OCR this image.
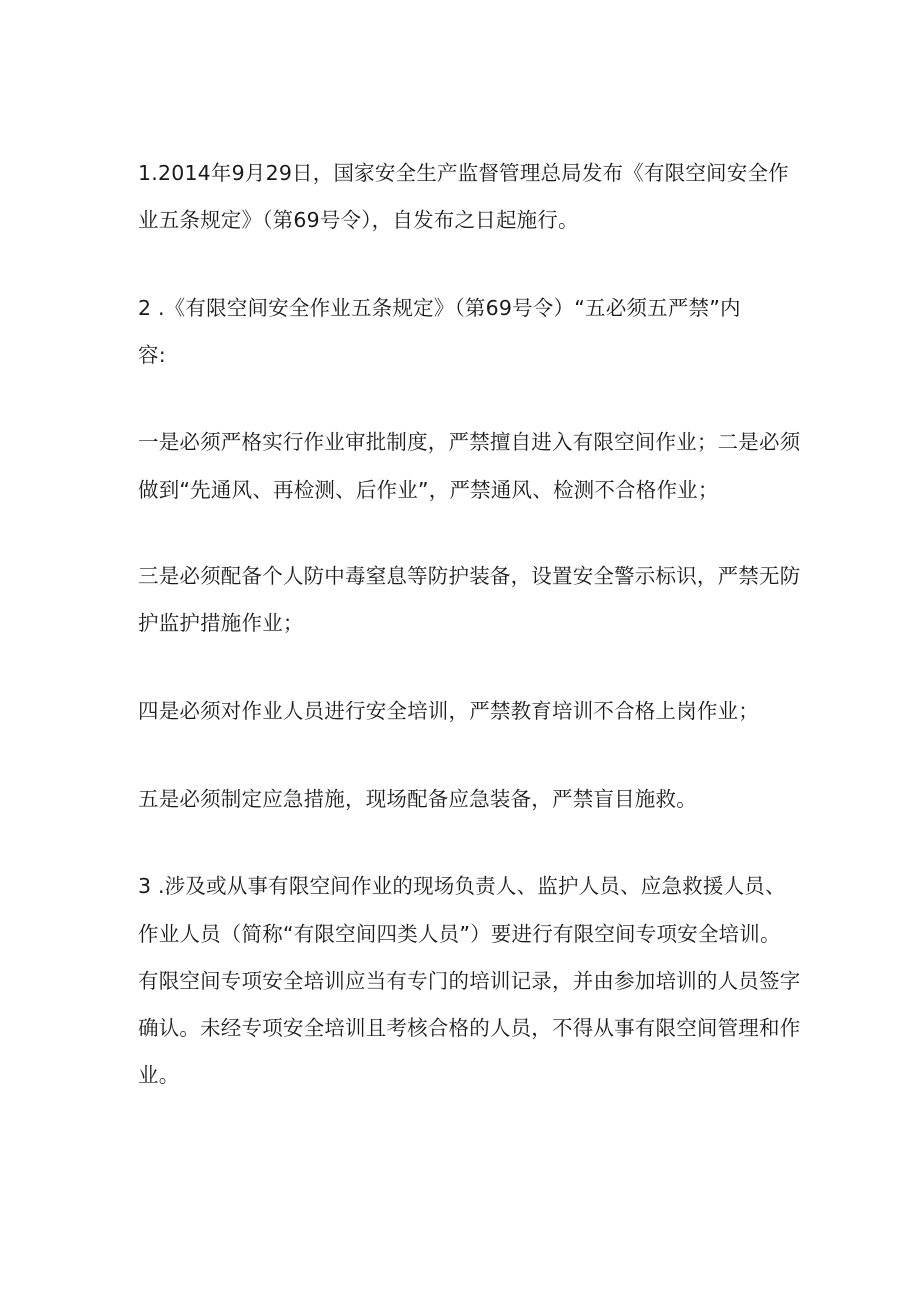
1.2014年9月29日，国家安全生产监督管理总局发布《有限空间安全作
业五条规定》（第69号令），自发布之日起施行。
2 .《有限空间安全作业五条规定》（第69号令）“五必须五严禁”内
容:
一是必须严格实行作业审批制度，严禁擅自进入有限空间作业；二是必须
做到“先通风、再检测、后作业”，严禁通风、检测不合格作业；
三是必须配备个人防中毒窒息等防护装备，设置安全警示标识，严禁无防
护监护措施作业；
四是必须对作业人员进行安全培训，严禁教育培训不合格上岗作业；
五是必须制定应急措施，现场配备应急装备，严禁盲目施救。
3 .涉及或从事有限空间作业的现场负责人、监护人员、应急救援人员、
作业人员（简称“有限空间四类人员”）要进行有限空间专项安全培训。
有限空间专项安全培训应当有专门的培训记录，并由参加培训的人员签字
确认。未经专项安全培训且考核合格的人员，不得从事有限空间管理和作
业。
